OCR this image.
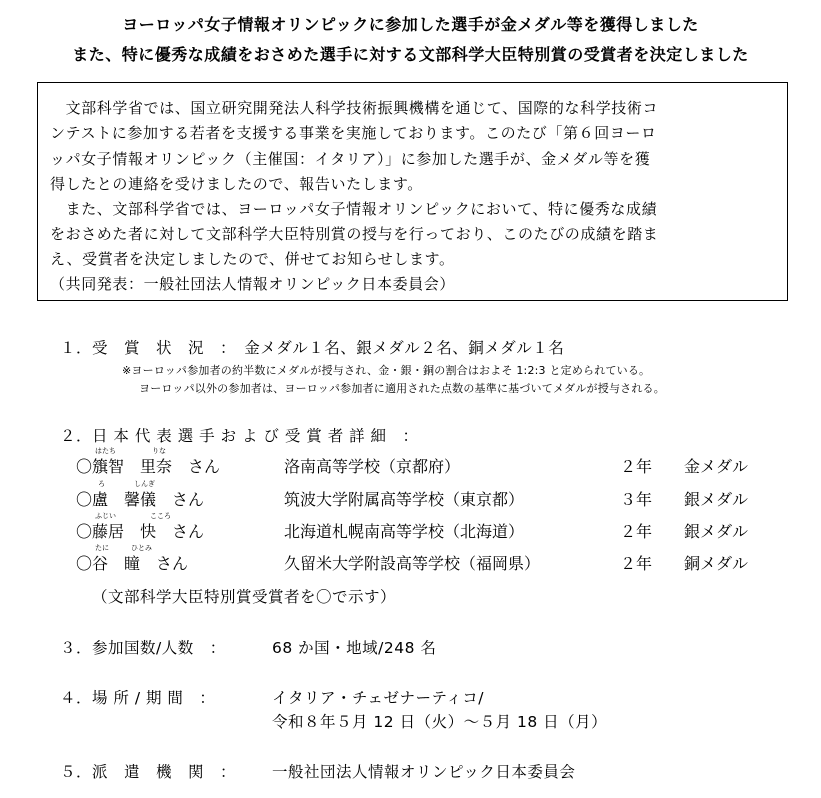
ヨーロッパ女子情報オリンピックに参加した選手が金メダル等を獲得しました
また、特に優秀な成績をおさめた選手に対する文部科学大臣特別賞の受賞者を決定しました
　文部科学省では、国立研究開発法人科学技術振興機構を通じて、国際的な科学技術コ
ンテストに参加する若者を支援する事業を実施しております。このたび「第６回ヨーロ
ッパ女子情報オリンピック（主催国：イタリア）」に参加した選手が、金メダル等を獲
得したとの連絡を受けましたので、報告いたします。
　また、文部科学省では、ヨーロッパ女子情報オリンピックにおいて、特に優秀な成績
をおさめた者に対して文部科学大臣特別賞の授与を行っており、このたびの成績を踏ま
え、受賞者を決定しましたので、併せてお知らせします。
（共同発表：一般社団法人情報オリンピック日本委員会）
１．受　賞　状　況　：　金メダル１名、銀メダル２名、銅メダル１名
※ヨーロッパ参加者の約半数にメダルが授与され、金・銀・銅の割合はおよそ 1:2:3 と定められている。
ヨーロッパ以外の参加者は、ヨーロッパ参加者に適用された点数の基準に基づいてメダルが授与される。
２．日 本 代 表 選 手 お よ び 受 賞 者 詳 細　：
はたち	りな
〇籏智　里奈　さん	洛南高等学校（京都府）	２年 金メダル
ろ	しんぎ
〇盧　馨儀　さん	筑波大学附属高等学校（東京都）	３年 銀メダル
ふじい	こころ
〇藤居　快　さん	北海道札幌南高等学校（北海道）	２年 銀メダル
たに	ひとみ
〇谷　瞳　さん	久留米大学附設高等学校（福岡県）	２年 銅メダル
（文部科学大臣特別賞受賞者を〇で示す）
３．参加国数/人数　：	68 か国・地域/248 名
４．場 所 / 期 間　：	イタリア・チェゼナーティコ/
令和８年５月 12 日（火）～５月 18 日（月）
５．派　遣　機　関　： 一般社団法人情報オリンピック日本委員会
